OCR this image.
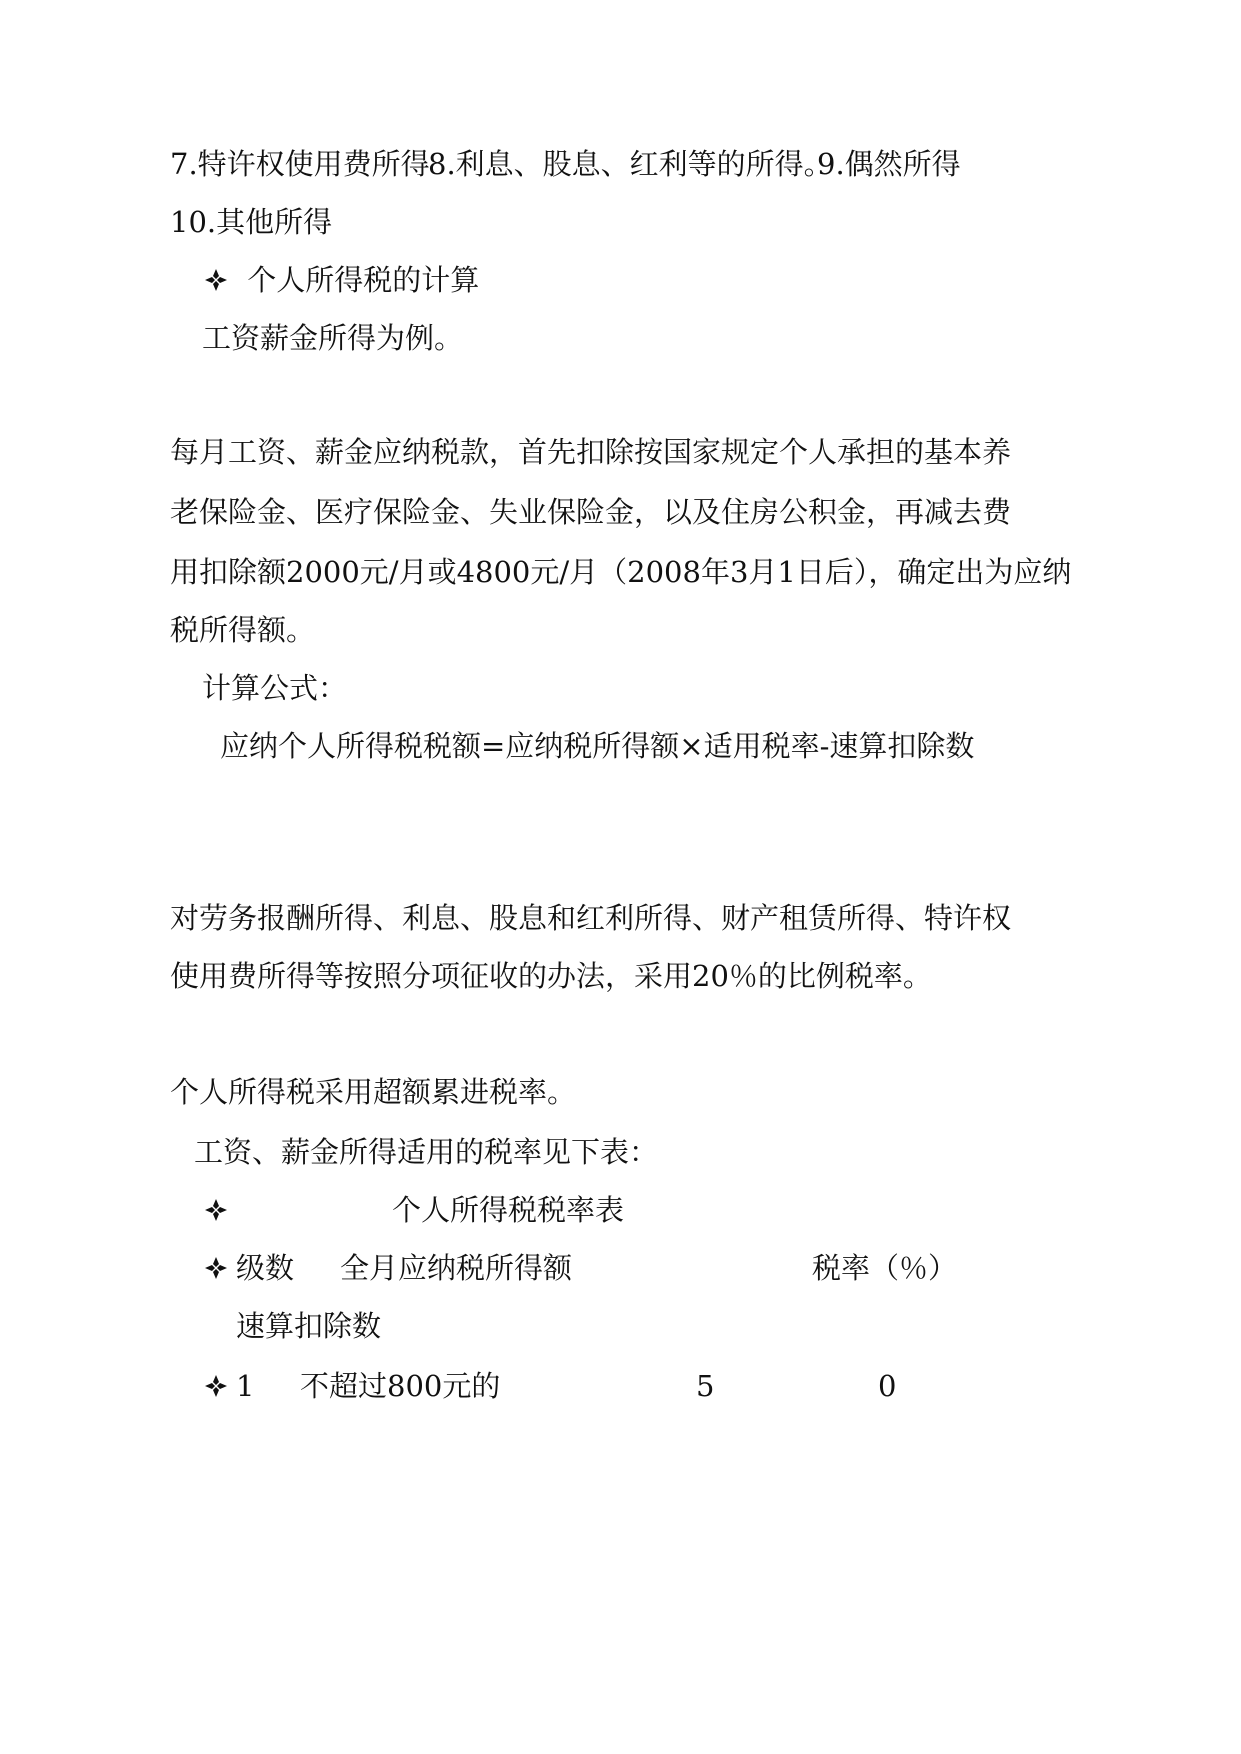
7.特许权使用费所得
8.利息、股息、红利等的所得。
9.偶然所得
10.其他所得
个人所得税的计算
工资薪金所得为例。
每月工资、薪金应纳税款，首先扣除按国家规定个人承担的基本养
老保险金、医疗保险金、失业保险金，以及住房公积金，再减去费
用扣除额2000元/月或4800元/月（2008年3月1日后），确定出为应纳
税所得额。
计算公式：
应纳个人所得税税额=应纳税所得额×适用税率-速算扣除数
对劳务报酬所得、利息、股息和红利所得、财产租赁所得、特许权
使用费所得等按照分项征收的办法，采用20％的比例税率。
个人所得税采用超额累进税率。
工资、薪金所得适用的税率见下表：
个人所得税税率表
级数 全月应纳税所得额	税率（％）
速算扣除数
1 不超过800元的	5	0
